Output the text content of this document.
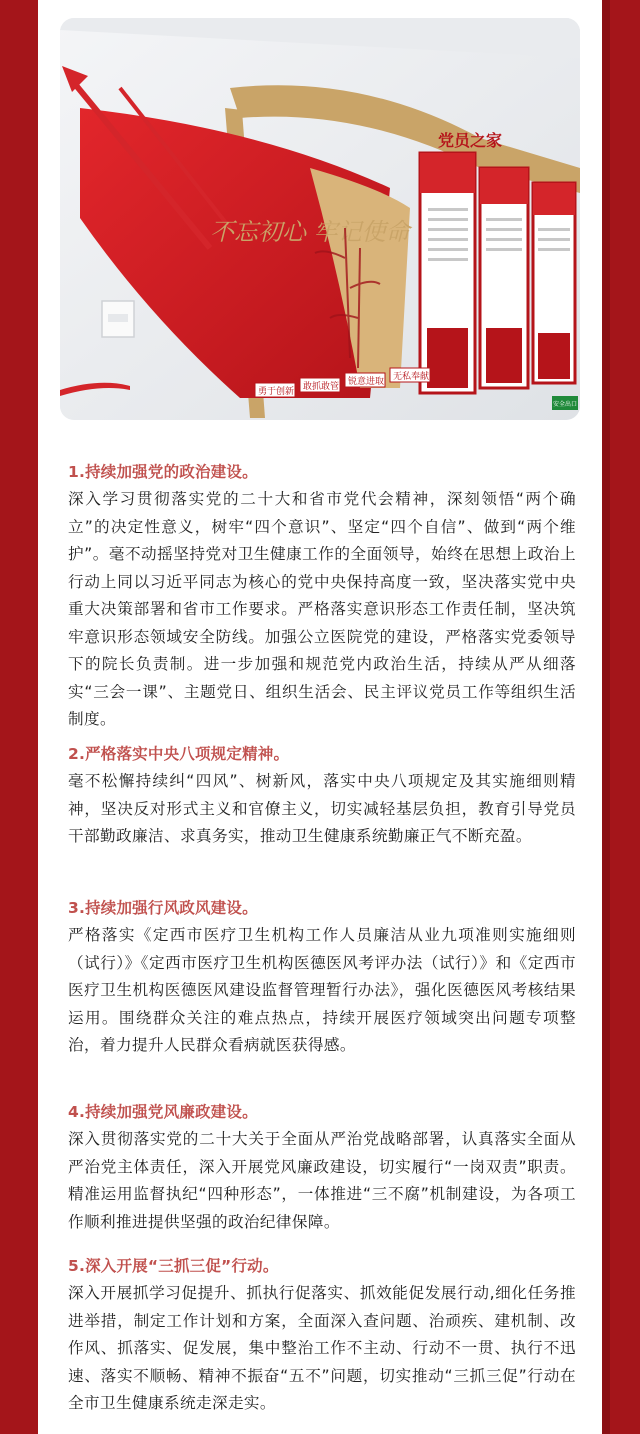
不忘初心 牢记使命
党员之家
勇于创新 敢抓敢管 锐意进取 无私奉献
安全出口
1.持续加强党的政治建设。
深入学习贯彻落实党的二十大和省市党代会精神，深刻领悟“两个确立”的决定性意义，树牢“四个意识”、坚定“四个自信”、做到“两个维护”。毫不动摇坚持党对卫生健康工作的全面领导，始终在思想上政治上行动上同以习近平同志为核心的党中央保持高度一致，坚决落实党中央重大决策部署和省市工作要求。严格落实意识形态工作责任制，坚决筑牢意识形态领域安全防线。加强公立医院党的建设，严格落实党委领导下的院长负责制。进一步加强和规范党内政治生活，持续从严从细落实“三会一课”、主题党日、组织生活会、民主评议党员工作等组织生活制度。
2.严格落实中央八项规定精神。
毫不松懈持续纠“四风”、树新风，落实中央八项规定及其实施细则精神，坚决反对形式主义和官僚主义，切实减轻基层负担，教育引导党员干部勤政廉洁、求真务实，推动卫生健康系统勤廉正气不断充盈。
3.持续加强行风政风建设。
严格落实《定西市医疗卫生机构工作人员廉洁从业九项准则实施细则（试行）》《定西市医疗卫生机构医德医风考评办法（试行）》和《定西市医疗卫生机构医德医风建设监督管理暂行办法》，强化医德医风考核结果运用。围绕群众关注的难点热点，持续开展医疗领域突出问题专项整治，着力提升人民群众看病就医获得感。
4.持续加强党风廉政建设。
深入贯彻落实党的二十大关于全面从严治党战略部署，认真落实全面从严治党主体责任，深入开展党风廉政建设，切实履行“一岗双责”职责。精准运用监督执纪“四种形态”，一体推进“三不腐”机制建设，为各项工作顺利推进提供坚强的政治纪律保障。
5.深入开展“三抓三促”行动。
深入开展抓学习促提升、抓执行促落实、抓效能促发展行动,细化任务推进举措，制定工作计划和方案，全面深入查问题、治顽疾、建机制、改作风、抓落实、促发展，集中整治工作不主动、行动不一贯、执行不迅速、落实不顺畅、精神不振奋“五不”问题，切实推动“三抓三促”行动在全市卫生健康系统走深走实。
